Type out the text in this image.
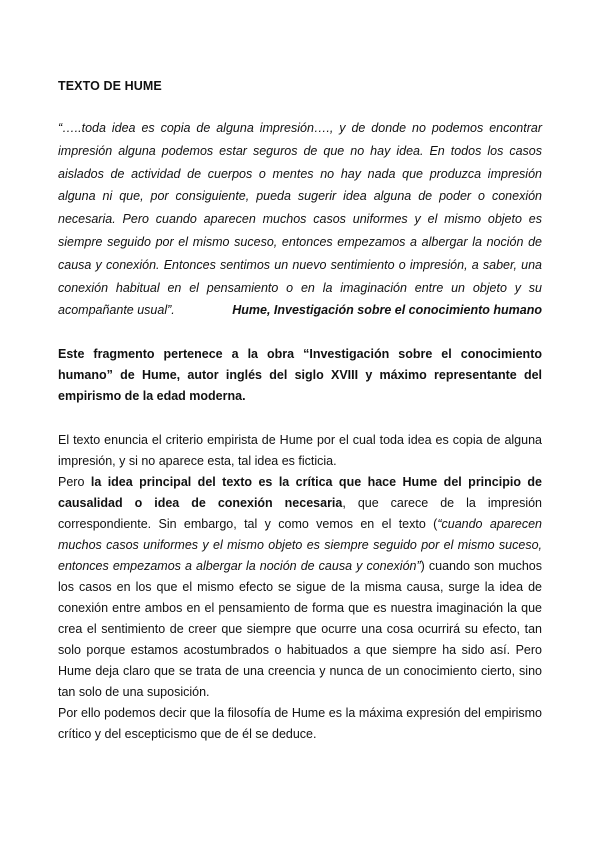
TEXTO DE HUME

“…..toda idea es copia de alguna impresión…., y de donde no podemos encontrar impresión alguna podemos estar seguros de que no hay idea. En todos los casos aislados de actividad de cuerpos o mentes no hay nada que produzca impresión alguna ni que, por consiguiente, pueda sugerir idea alguna de poder o conexión necesaria. Pero cuando aparecen muchos casos uniformes y el mismo objeto es siempre seguido por el mismo suceso, entonces empezamos a albergar la noción de causa y conexión. Entonces sentimos un nuevo sentimiento o impresión, a saber, una conexión habitual en el pensamiento o en la imaginación entre un objeto y su acompañante usual”.	Hume, Investigación sobre el conocimiento humano

Este fragmento pertenece a la obra “Investigación sobre el conocimiento humano” de Hume, autor inglés del siglo XVIII y máximo representante del empirismo de la edad moderna.

El texto enuncia el criterio empirista de Hume por el cual toda idea es copia de alguna impresión, y si no aparece esta, tal idea es ficticia.
Pero la idea principal del texto es la crítica que hace Hume del principio de causalidad o idea de conexión necesaria, que carece de la impresión correspondiente. Sin embargo, tal y como vemos en el texto (“cuando aparecen muchos casos uniformes y el mismo objeto es siempre seguido por el mismo suceso, entonces empezamos a albergar la noción de causa y conexión”) cuando son muchos los casos en los que el mismo efecto se sigue de la misma causa, surge la idea de conexión entre ambos en el pensamiento de forma que es nuestra imaginación la que crea el sentimiento de creer que siempre que ocurre una cosa ocurrirá su efecto, tan solo porque estamos acostumbrados o habituados a que siempre ha sido así. Pero Hume deja claro que se trata de una creencia y nunca de un conocimiento cierto, sino tan solo de una suposición.

Por ello podemos decir que la filosofía de Hume es la máxima expresión del empirismo crítico y del escepticismo que de él se deduce.
